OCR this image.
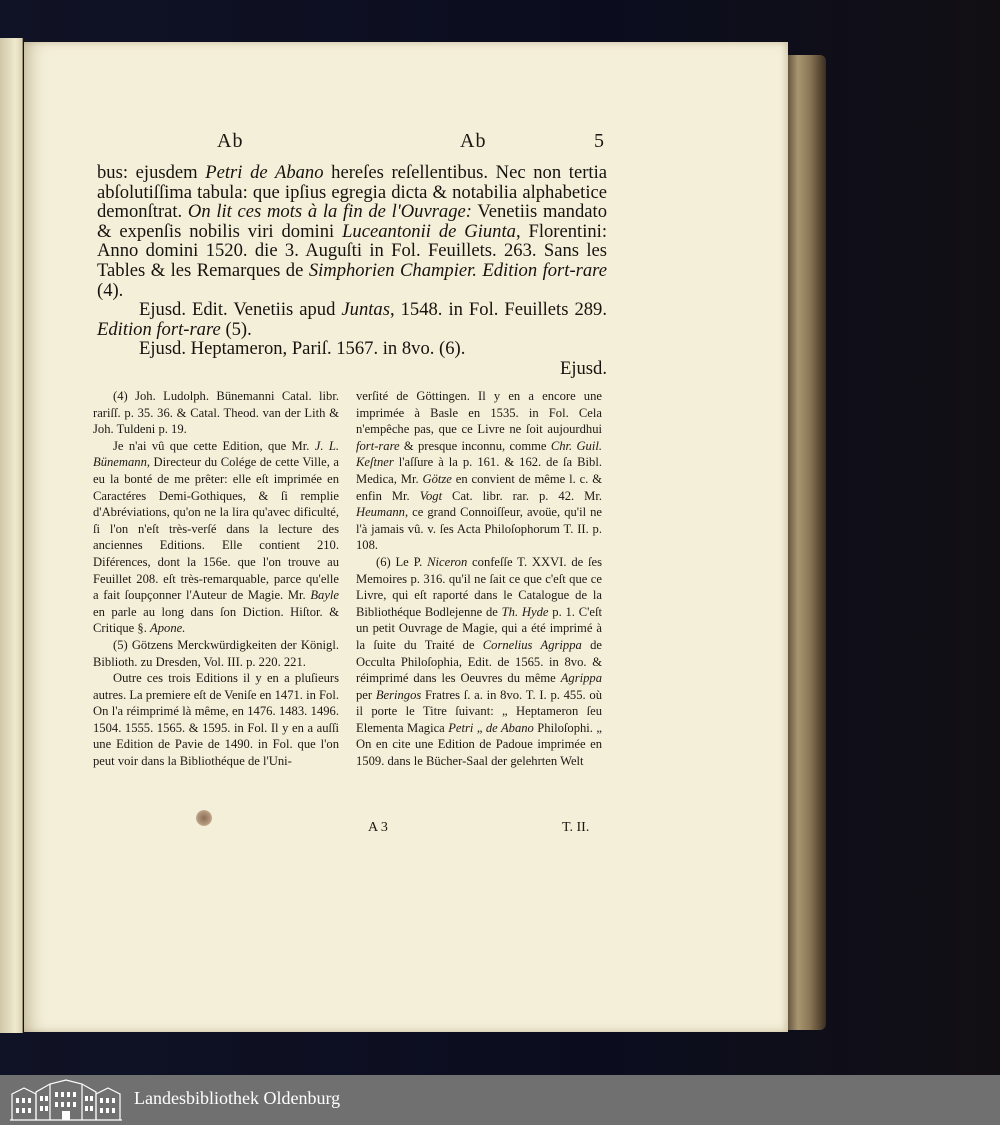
Ab	Ab	5

bus: ejusdem Petri de Abano hereſes reſellentibus. Nec non tertia abſolutiſſima tabula: que ipſius egregia dicta & notabilia alphabetice demonſtrat. On lit ces mots à la fin de l'Ouvrage: Venetiis mandato & expenſis nobilis viri domini Luceantonii de Giunta, Florentini: Anno domini 1520. die 3. Auguſti in Fol. Feuillets. 263. Sans les Tables & les Remarques de Simphorien Champier. Edition fort-rare (4).

Ejusd. Edit. Venetiis apud Juntas, 1548. in Fol. Feuillets 289. Edition fort-rare (5).

Ejusd. Heptameron, Pariſ. 1567. in 8vo. (6).

Ejusd.

(4) Joh. Ludolph. Bünemanni Catal. libr. rariſſ. p. 35. 36. & Catal. Theod. van der Lith & Joh. Tuldeni p. 19.

Je n'ai vû que cette Edition, que Mr. J. L. Bünemann, Directeur du Colége de cette Ville, a eu la bonté de me prêter: elle eſt imprimée en Caractéres Demi-Gothiques, & ſi remplie d'Abréviations, qu'on ne la lira qu'avec dificulté, ſi l'on n'eſt très-verſé dans la lecture des anciennes Editions. Elle contient 210. Diférences, dont la 156e. que l'on trouve au Feuillet 208. eſt très-remarquable, parce qu'elle a fait ſoupçonner l'Auteur de Magie. Mr. Bayle en parle au long dans ſon Diction. Hiſtor. & Critique §. Apone.

(5) Götzens Merckwürdigkeiten der Königl. Biblioth. zu Dresden, Vol. III. p. 220. 221.

Outre ces trois Editions il y en a pluſieurs autres. La premiere eſt de Veniſe en 1471. in Fol. On l'a réimprimé là même, en 1476. 1483. 1496. 1504. 1555. 1565. & 1595. in Fol. Il y en a auſſi une Edition de Pavie de 1490. in Fol. que l'on peut voir dans la Bibliothéque de l'Uni-

verſité de Göttingen. Il y en a encore une imprimée à Basle en 1535. in Fol. Cela n'empêche pas, que ce Livre ne ſoit aujourdhui fort-rare & presque inconnu, comme Chr. Guil. Keſtner l'aſſure à la p. 161. & 162. de ſa Bibl. Medica, Mr. Götze en convient de même l. c. & enfin Mr. Vogt Cat. libr. rar. p. 42. Mr. Heumann, ce grand Connoiſſeur, avoüe, qu'il ne l'à jamais vû. v. ſes Acta Philoſophorum T. II. p. 108.

(6) Le P. Niceron confeſſe T. XXVI. de ſes Memoires p. 316. qu'il ne ſait ce que c'eſt que ce Livre, qui eſt raporté dans le Catalogue de la Bibliothéque Bodlejenne de Th. Hyde p. 1. C'eſt un petit Ouvrage de Magie, qui a été imprimé à la ſuite du Traité de Cornelius Agrippa de Occulta Philoſophia, Edit. de 1565. in 8vo. & réimprimé dans les Oeuvres du même Agrippa per Beringos Fratres ſ. a. in 8vo. T. I. p. 455. où il porte le Titre ſuivant: „ Heptameron ſeu Elementa Magica Petri „ de Abano Philoſophi. „ On en cite une Edition de Padoue imprimée en 1509. dans le Bücher-Saal der gelehrten Welt

A 3	T. II.
Landesbibliothek Oldenburg
